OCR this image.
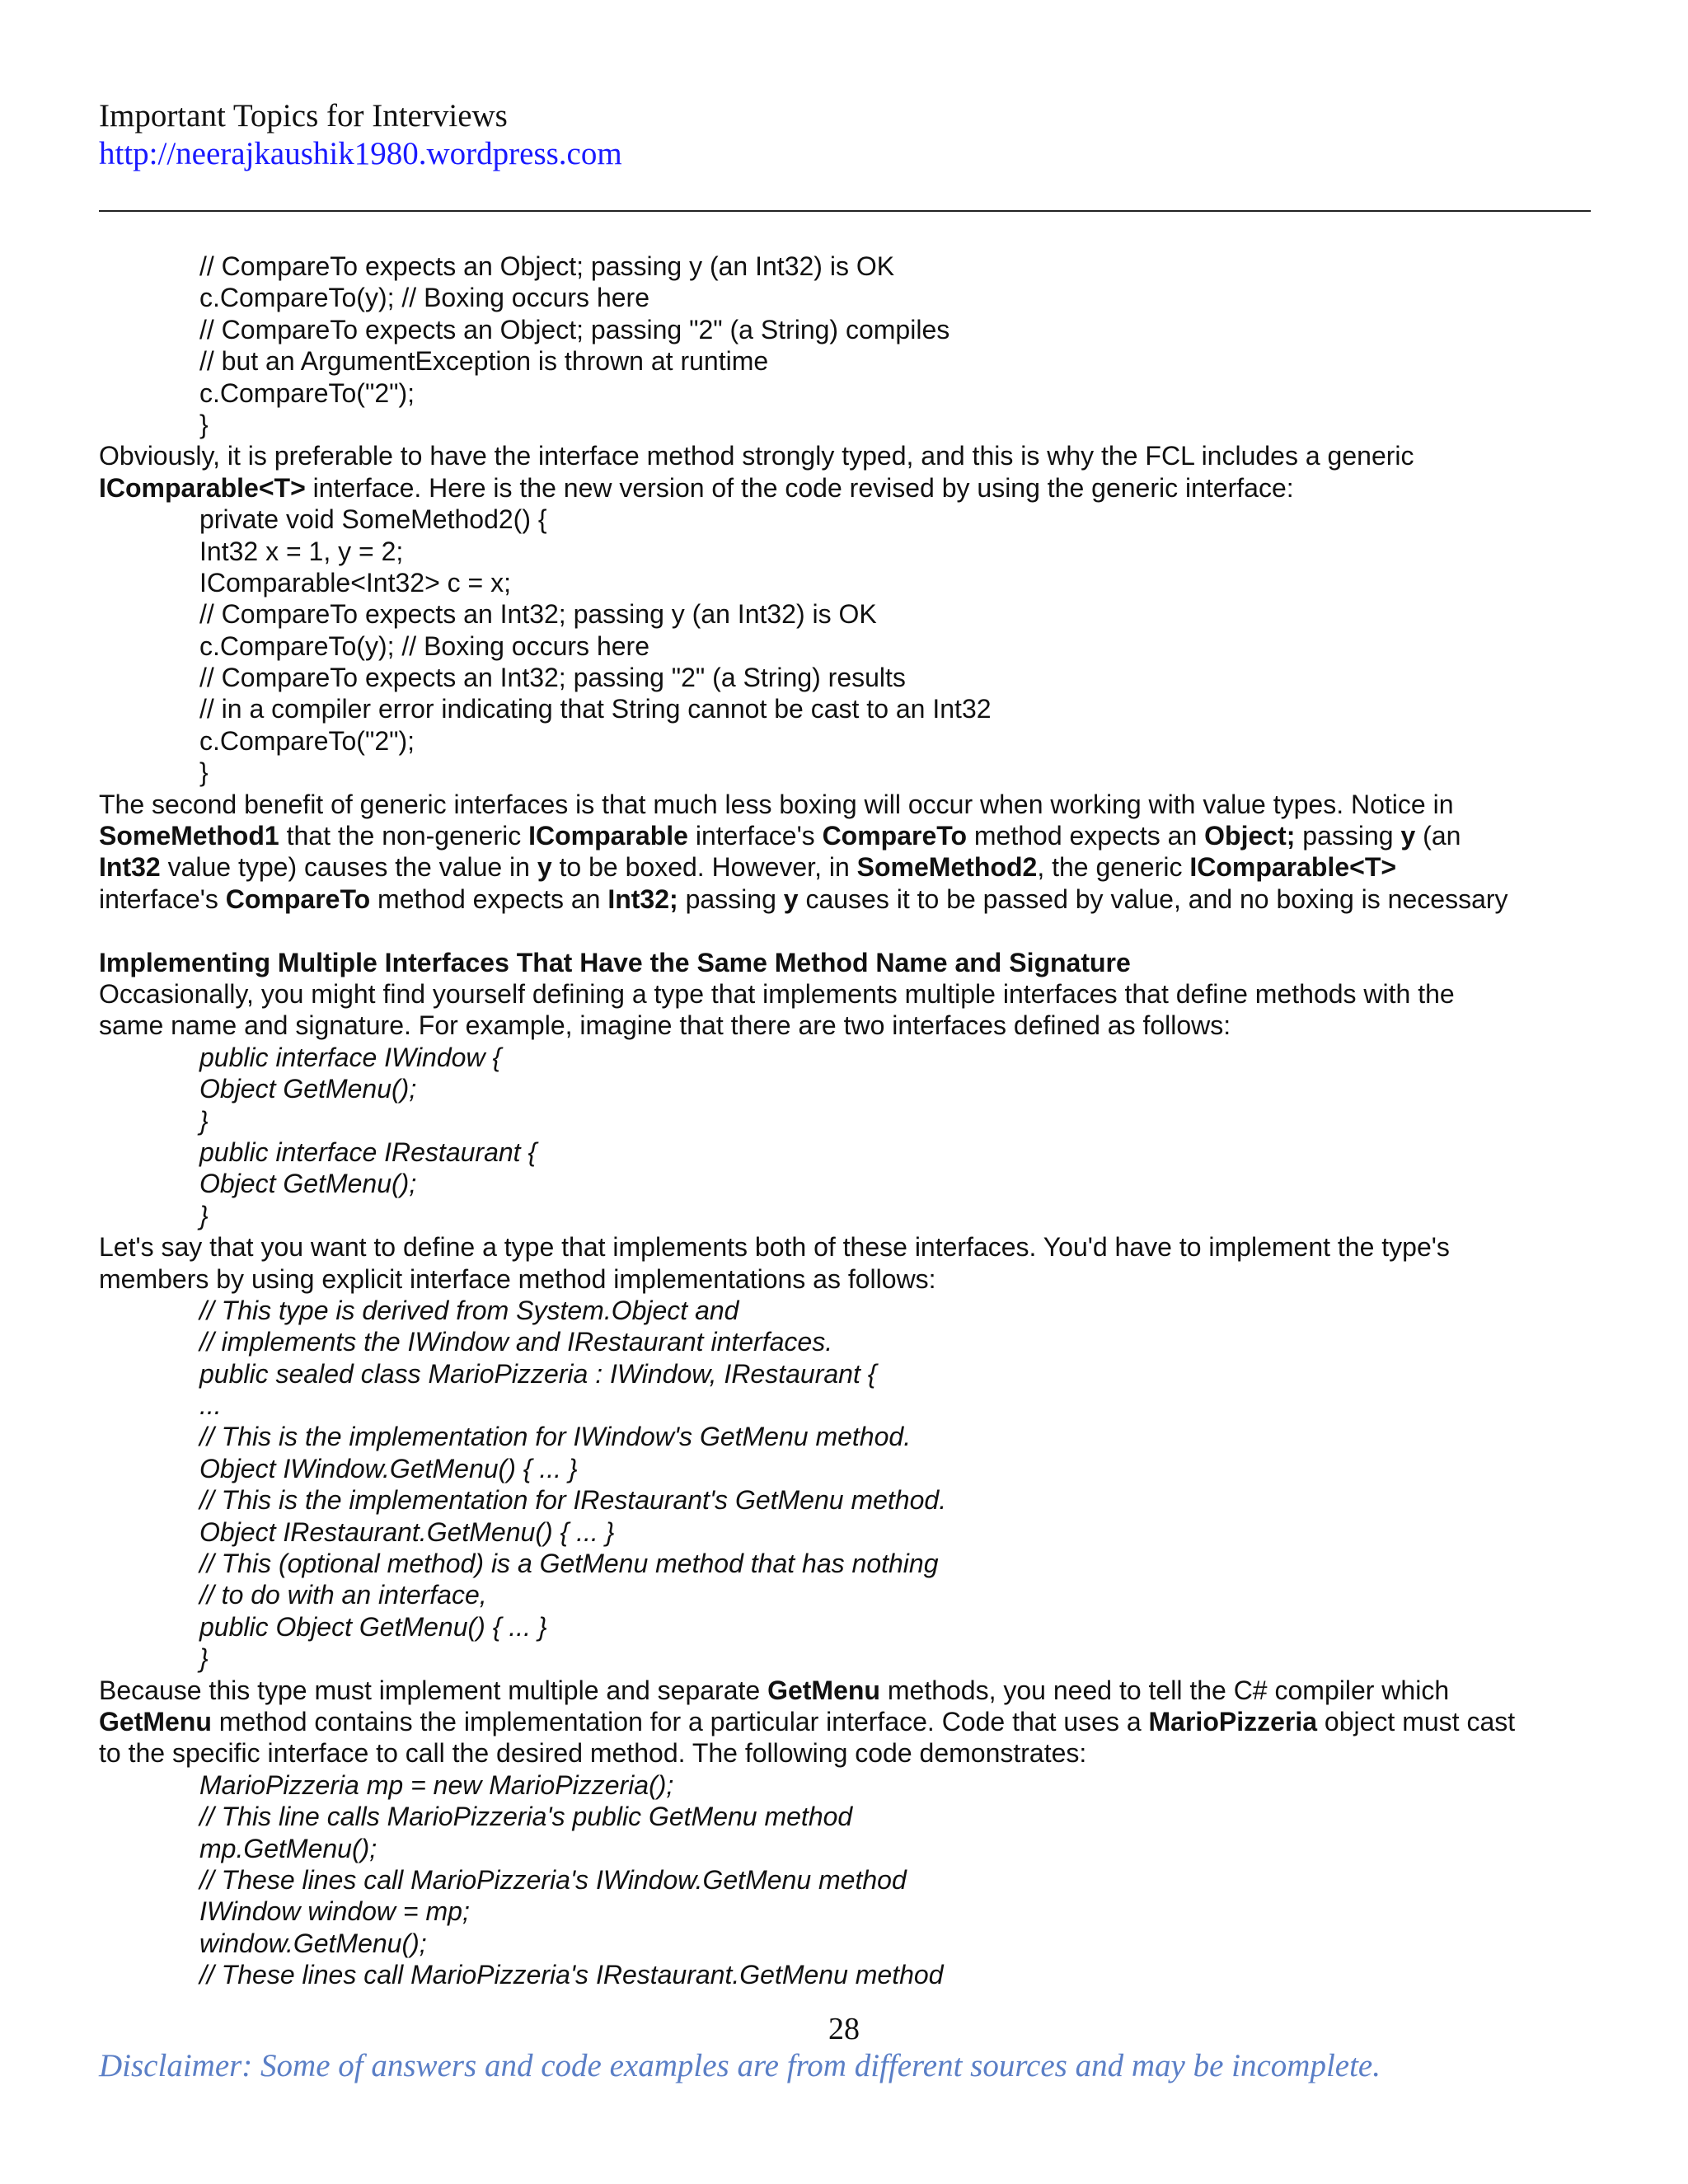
Important Topics for Interviews
http://neerajkaushik1980.wordpress.com
// CompareTo expects an Object; passing y (an Int32) is OK
c.CompareTo(y); // Boxing occurs here
// CompareTo expects an Object; passing "2" (a String) compiles
// but an ArgumentException is thrown at runtime
c.CompareTo("2");
}
Obviously, it is preferable to have the interface method strongly typed, and this is why the FCL includes a generic
IComparable<T> interface. Here is the new version of the code revised by using the generic interface:
private void SomeMethod2() {
Int32 x = 1, y = 2;
IComparable<Int32> c = x;
// CompareTo expects an Int32; passing y (an Int32) is OK
c.CompareTo(y); // Boxing occurs here
// CompareTo expects an Int32; passing "2" (a String) results
// in a compiler error indicating that String cannot be cast to an Int32
c.CompareTo("2");
}
The second benefit of generic interfaces is that much less boxing will occur when working with value types. Notice in
SomeMethod1 that the non-generic IComparable interface's CompareTo method expects an Object; passing y (an
Int32 value type) causes the value in y to be boxed. However, in SomeMethod2, the generic IComparable<T>
interface's CompareTo method expects an Int32; passing y causes it to be passed by value, and no boxing is necessary
Implementing Multiple Interfaces That Have the Same Method Name and Signature
Occasionally, you might find yourself defining a type that implements multiple interfaces that define methods with the
same name and signature. For example, imagine that there are two interfaces defined as follows:
public interface IWindow {
Object GetMenu();
}
public interface IRestaurant {
Object GetMenu();
}
Let's say that you want to define a type that implements both of these interfaces. You'd have to implement the type's
members by using explicit interface method implementations as follows:
// This type is derived from System.Object and
// implements the IWindow and IRestaurant interfaces.
public sealed class MarioPizzeria : IWindow, IRestaurant {
...
// This is the implementation for IWindow's GetMenu method.
Object IWindow.GetMenu() { ... }
// This is the implementation for IRestaurant's GetMenu method.
Object IRestaurant.GetMenu() { ... }
// This (optional method) is a GetMenu method that has nothing
// to do with an interface,
public Object GetMenu() { ... }
}
Because this type must implement multiple and separate GetMenu methods, you need to tell the C# compiler which
GetMenu method contains the implementation for a particular interface. Code that uses a MarioPizzeria object must cast
to the specific interface to call the desired method. The following code demonstrates:
MarioPizzeria mp = new MarioPizzeria();
// This line calls MarioPizzeria's public GetMenu method
mp.GetMenu();
// These lines call MarioPizzeria's IWindow.GetMenu method
IWindow window = mp;
window.GetMenu();
// These lines call MarioPizzeria's IRestaurant.GetMenu method
28
Disclaimer: Some of answers and code examples are from different sources and may be incomplete.
